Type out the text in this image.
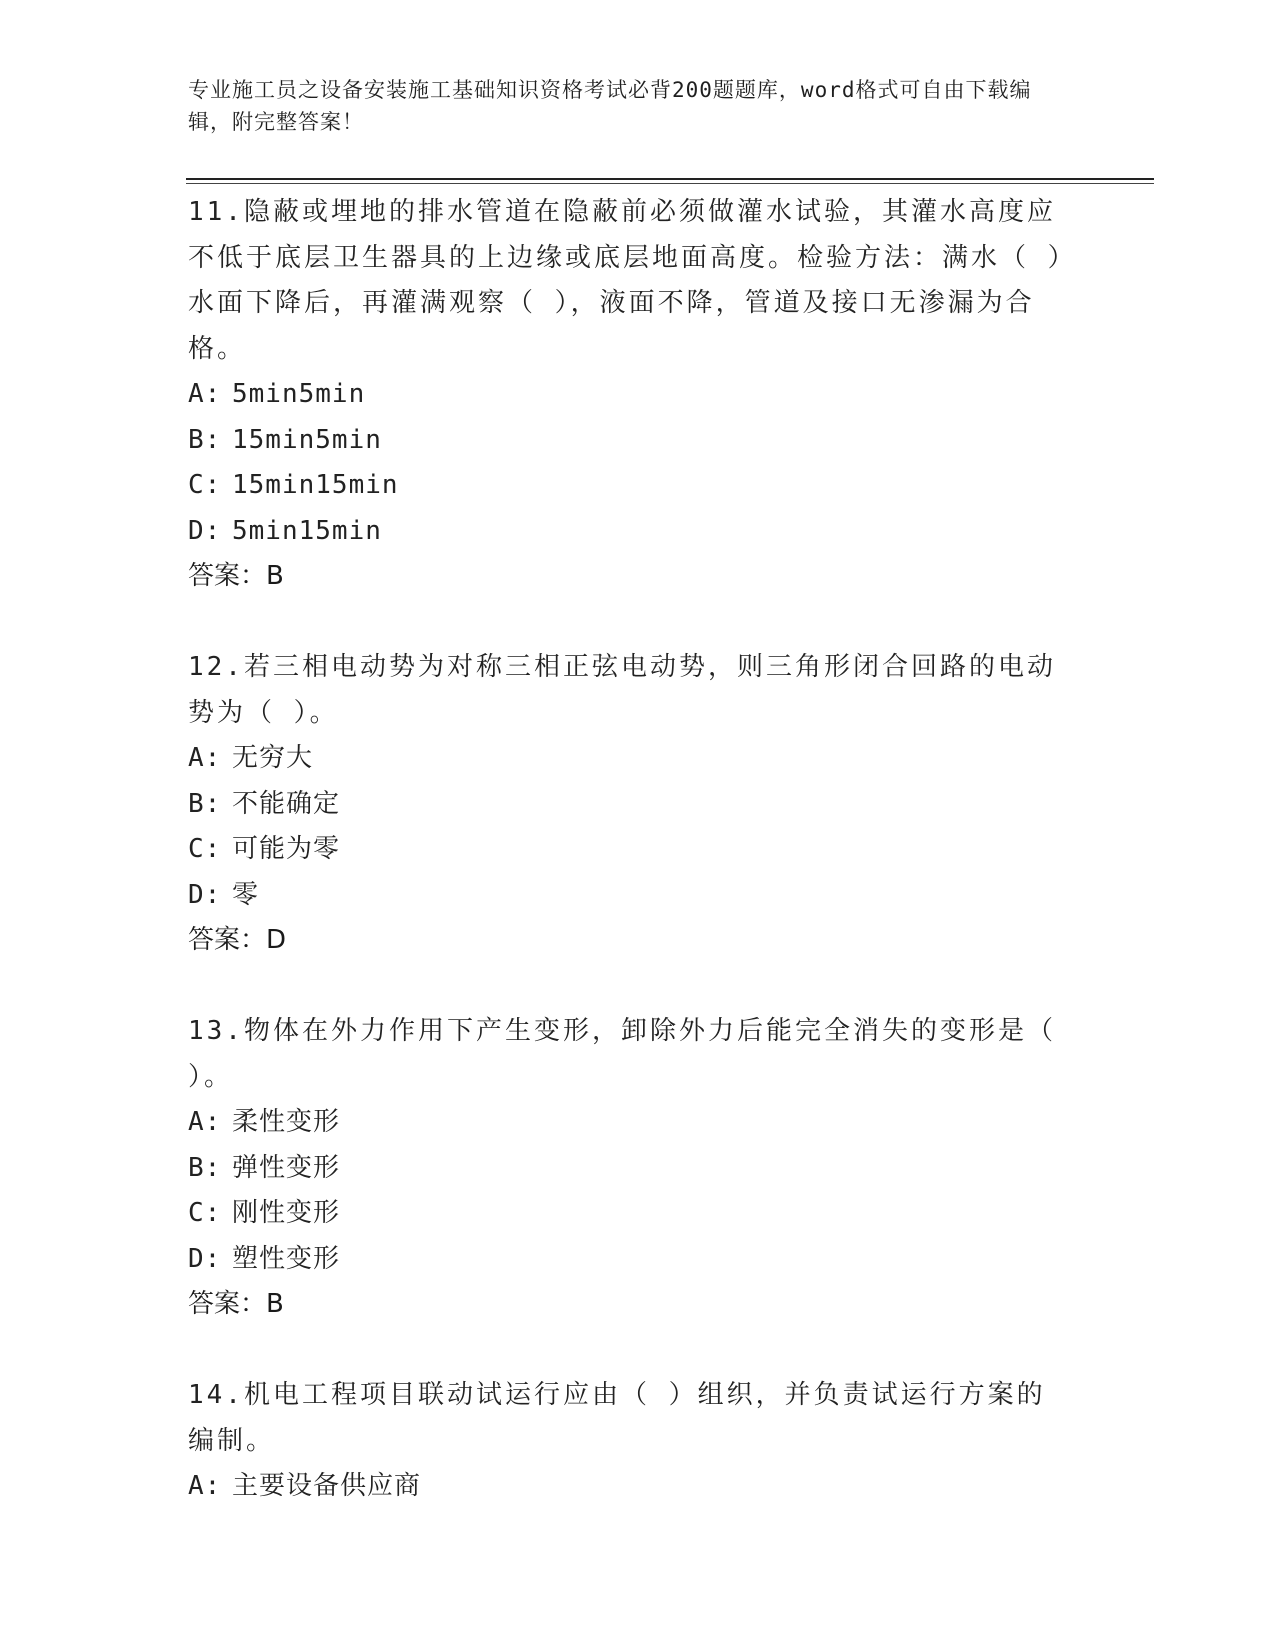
专业施工员之设备安装施工基础知识资格考试必背200题题库，word格式可自由下载编辑，附完整答案！

11.隐蔽或埋地的排水管道在隐蔽前必须做灌水试验，其灌水高度应不低于底层卫生器具的上边缘或底层地面高度。检验方法：满水（ ）水面下降后，再灌满观察（ ），液面不降，管道及接口无渗漏为合格。

A: 5min5min

B: 15min5min

C: 15min15min

D: 5min15min

答案：B

12.若三相电动势为对称三相正弦电动势，则三角形闭合回路的电动势为（ ）。

A: 无穷大

B: 不能确定

C: 可能为零

D: 零

答案：D

13.物体在外力作用下产生变形，卸除外力后能完全消失的变形是（ ）。

A: 柔性变形

B: 弹性变形

C: 刚性变形

D: 塑性变形

答案：B

14.机电工程项目联动试运行应由（ ）组织，并负责试运行方案的编制。

A: 主要设备供应商
